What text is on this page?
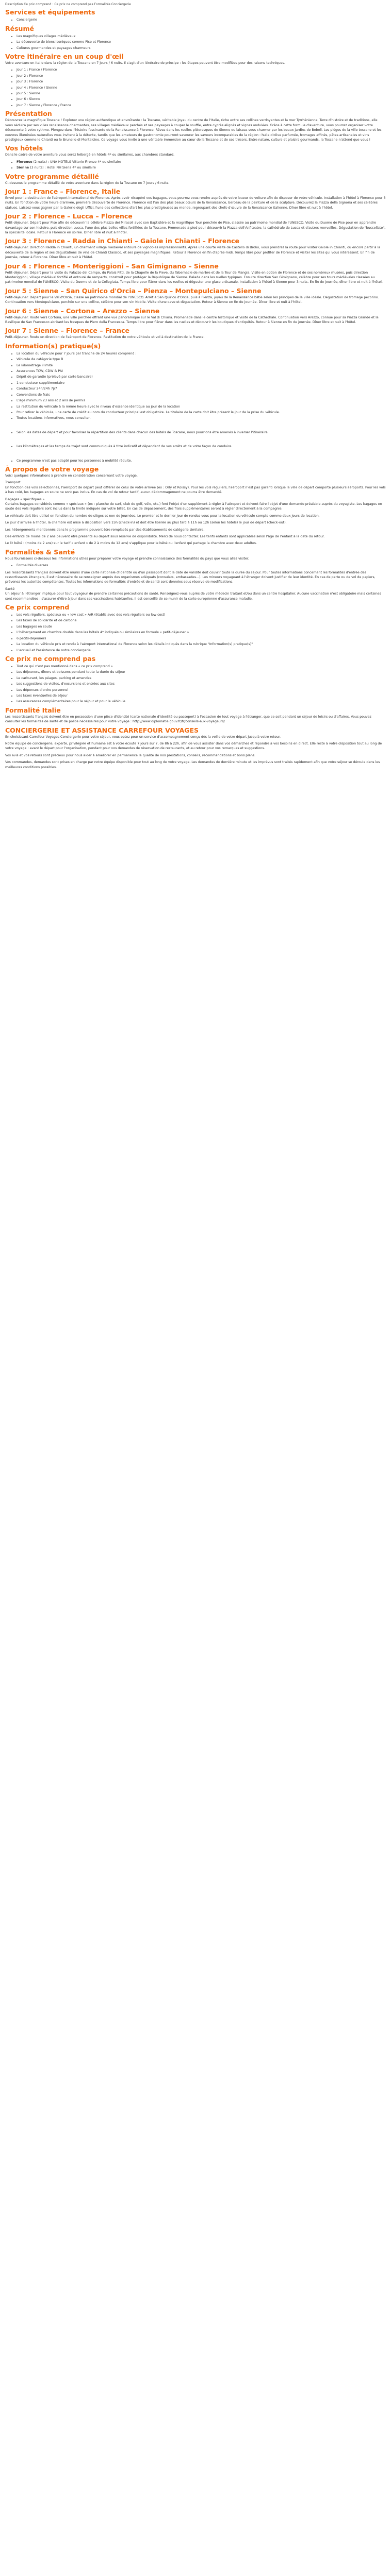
Description Ce prix comprend : Ce prix ne comprend pas Formalités Conciergerie

Services et équipements
• Conciergerie
Résumé
• Les magnifiques villages médiévaux
• La découverte de biens iconiques comme Pise et Florence
• Cultures gourmandes et paysages charmeurs
Votre itinéraire en un coup d'œil

Votre aventure en Italie dans la région de la Toscane en 7 jours / 6 nuits. Il s'agit d'un itinéraire de principe : les étapes peuvent être modifiées pour des raisons techniques.

• Jour 1 : France / Florence
• Jour 2 : Florence
• Jour 3 : Florence
• Jour 4 : Florence / Sienne
• Jour 5 : Sienne
• Jour 6 : Sienne
• Jour 7 : Sienne / Florence / France
Présentation

Découvrez la magnifique Toscane ! Explorez une région authentique et envoûtante : la Toscane, véritable joyau du centre de l'Italie, riche entre ses collines verdoyantes et la mer Tyrrhénienne. Terre d'histoire et de traditions, elle vous séduira par ses villes renaissance charmantes, ses villages médiévaux perchés et ses paysages à couper le souffle, entre cyprès alignés et vignes ondulées. Grâce à cette formule d'aventure, vous pourrez organiser votre découverte à votre rythme. Plongez dans l'histoire fascinante de la Renaissance à Florence. Rêvez dans les ruelles pittoresques de Sienne ou laissez-vous charmer par les beaux jardins de Boboli. Les pièges de la ville toscane et les oeuvres illuminées naturelles vous invitent à la détente, tandis que les amateurs de gastronomie pourront savourer les saveurs incomparables de la région : huile d'olive parfumée, fromages affinés, pâtes artisanales et vins prestigieux comme le Chianti ou le Brunello di Montalcino. Ce voyage vous invite à une véritable immersion au cœur de la Toscane et de ses trésors. Entre nature, culture et plaisirs gourmands, la Toscane n'attend que vous !

Vos hôtels

Dans le cadre de votre aventure vous serez hébergé en hôtels 4* ou similaires, aux chambres standard.

• Florence (2 nuits) : UNA HOTELS Vittorio Firenze 4* ou similaire
• Sienne (3 nuits) : Hotel NH Siena 4* ou similaire
Votre programme détaillé

Ci-dessous le programme détaillé de votre aventure dans la région de la Toscane en 7 jours / 6 nuits.

Jour 1 : France – Florence, Italie

Envol pour la destination de l'aéroport international de Florence. Après avoir récupéré vos bagages, vous pourrez vous rendre auprès de votre loueur de voiture afin de disposer de votre véhicule. Installation à l'hôtel à Florence pour 3 nuits. En fonction de votre heure d'arrivée, première découverte de Florence. Florence est l'un des plus beaux cœurs de la Renaissance, berceau de la peinture et de la sculpture. Découvrez la Piazza della Signoria et ses célèbres statues. Laissez-vous gagner par la Galerie degli Uffizi, l'une des collections d'art les plus prestigieuses au monde, regroupant des chefs-d'œuvre de la Renaissance italienne. Dîner libre et nuit à l'hôtel.

Jour 2 : Florence – Lucca – Florence

Petit-déjeuner. Départ pour Pise afin de découvrir la célèbre Piazza dei Miracoli avec son Baptistère et la magnifique Tour penchée de Pise, classée au patrimoine mondial de l'UNESCO. Visite du Duomo de Pise pour en apprendre davantage sur son histoire, puis direction Lucca, l'une des plus belles villes fortifiées de la Toscane. Promenade à pied pour découvrir la Piazza dell'Anfiteatro, la cathédrale de Lucca et d'autres merveilles. Dégustation de "buccellato", la spécialité locale. Retour à Florence en soirée. Dîner libre et nuit à l'hôtel.

Jour 3 : Florence – Radda in Chianti – Gaiole in Chianti – Florence

Petit-déjeuner. Direction Radda in Chianti, un charmant village médiéval entouré de vignobles impressionnants. Après une courte visite de Castello di Brolio, vous prendrez la route pour visiter Gaiole in Chianti, ou encore partir à la découverte de la région et ses dégustations de vins de Chianti Classico, et ses paysages magnifiques. Retour à Florence en fin d'après-midi. Temps libre pour profiter de Florence et visiter les sites qui vous intéressent. En fin de journée, retour à Florence. Dîner libre et nuit à l'hôtel.

Jour 4 : Florence – Monteriggioni – San Gimignano – Sienne

Petit-déjeuner. Départ pour la visite du Palazzo del Campo, du Palais Pitti, de la Chapelle de la Pieve, du Tabernacle de marbre et de la Tour de Mangia. Visite en option de Florence et de ses nombreux musées, puis direction Monteriggioni, village médiéval fortifié et entouré de remparts, construit pour protéger la République de Sienne. Balade dans les ruelles typiques. Ensuite direction San Gimignano, célèbre pour ses tours médiévales classées au patrimoine mondial de l'UNESCO. Visite du Duomo et de la Collegiata. Temps libre pour flâner dans les ruelles et déguster une glace artisanale. Installation à l'hôtel à Sienne pour 3 nuits. En fin de journée, dîner libre et nuit à l'hôtel.

Jour 5 : Sienne – San Quirico d'Orcia – Pienza – Montepulciano – Sienne

Petit-déjeuner. Départ pour le Val d'Orcia, classé au patrimoine mondial de l'UNESCO. Arrêt à San Quirico d'Orcia, puis à Pienza, joyau de la Renaissance bâtie selon les principes de la ville idéale. Dégustation de fromage pecorino. Continuation vers Montepulciano, perchée sur une colline, célèbre pour son vin Nobile. Visite d'une cave et dégustation. Retour à Sienne en fin de journée. Dîner libre et nuit à l'hôtel.

Jour 6 : Sienne – Cortona – Arezzo – Sienne

Petit-déjeuner. Route vers Cortona, une ville perchée offrant une vue panoramique sur le Val di Chiana. Promenade dans le centre historique et visite de la Cathédrale. Continuation vers Arezzo, connue pour sa Piazza Grande et la Basilique de San Francesco abritant les fresques de Piero della Francesca. Temps libre pour flâner dans les ruelles et découvrir les boutiques d'antiquités. Retour à Sienne en fin de journée. Dîner libre et nuit à l'hôtel.

Jour 7 : Sienne – Florence – France

Petit-déjeuner. Route en direction de l'aéroport de Florence. Restitution de votre véhicule et vol à destination de la France.

Information(s) pratique(s)
• La location du véhicule pour 7 jours par tranche de 24 heures comprend :
• Véhicule de catégorie type B
• Le kilométrage illimité
• Assurances TCW, CDW & PAI
• Dépôt de garantie (prélevé par carte bancaire)
• 1 conducteur supplémentaire
• Conducteur 24h/24h 7j/7
• Conventions de frais
• L'âge minimum 23 ans et 2 ans de permis
• La restitution du véhicule à la même heure avec le niveau d'essence identique au jour de la location
• Pour retirer le véhicule, une carte de crédit au nom du conducteur principal est obligatoire. Le titulaire de la carte doit être présent le jour de la prise du véhicule.
• Toutes locations informatives, nous consulter.
• Selon les dates de départ et pour favoriser la répartition des clients dans chacun des hôtels de Toscane, nous pourrions être amenés à inverser l'itinéraire.
• Les kilométrages et les temps de trajet sont communiqués à titre indicatif et dépendent de vos arrêts et de votre façon de conduire.
• Ce programme n'est pas adapté pour les personnes à mobilité réduite.
À propos de votre voyage

Voici quelques informations à prendre en considération concernant votre voyage.

Transport

En fonction des vols sélectionnés, l'aéroport de départ peut différer de celui de votre arrivée (ex : Orly et Roissy). Pour les vols réguliers, l'aéroport n'est pas garanti lorsque la ville de départ comporte plusieurs aéroports. Pour les vols à bas coût, les bagages en soute ne sont pas inclus. En cas de vol de retour tardif, aucun dédommagement ne pourra être demandé.

Bagages « spécifiques »

Certains bagages considérés comme « spéciaux » (ex : planche de surf, club de golf, vélo, etc.) font l'objet d'un supplément à régler à l'aéroport et doivent faire l'objet d'une demande préalable auprès du voyagiste. Les bagages en soute des vols réguliers sont inclus dans la limite indiquée sur votre billet. En cas de dépassement, des frais supplémentaires seront à régler directement à la compagnie.

Le véhicule doit être utilisé en fonction du nombre de sièges et non de journées. Le premier et le dernier jour de rendez-vous pour la location du véhicule compte comme deux jours de location.

Le jour d'arrivée à l'hôtel, la chambre est mise à disposition vers 15h (check-in) et doit être libérée au plus tard à 11h ou 12h (selon les hôtels) le jour de départ (check-out).

Les hébergements mentionnés dans le programme peuvent être remplacés par des établissements de catégorie similaire.

Des enfants de moins de 2 ans peuvent être présents au départ sous réserve de disponibilité. Merci de nous contacter. Les tarifs enfants sont applicables selon l'âge de l'enfant à la date du retour.

Le lit bébé : (moins de 2 ans) sur le tarif « enfant » de 2 à moins de 12 ans) s'applique pour le bébé ou l'enfant qui partage la chambre avec deux adultes.

Formalités & Santé

Nous fournissons ci-dessous les informations utiles pour préparer votre voyage et prendre connaissance des formalités du pays que vous allez visiter.

• Formalités diverses

Les ressortissants français doivent être munis d'une carte nationale d'identité ou d'un passeport dont la date de validité doit couvrir toute la durée du séjour. Pour toutes informations concernant les formalités d'entrée des ressortissants étrangers, il est nécessaire de se renseigner auprès des organismes adéquats (consulats, ambassades...). Les mineurs voyageant à l'étranger doivent justifier de leur identité. En cas de perte ou de vol de papiers, prévenez les autorités compétentes. Toutes les informations de formalités d'entrée et de santé sont données sous réserve de modifications.

Santé

Un séjour à l'étranger implique pour tout voyageur de prendre certaines précautions de santé. Renseignez-vous auprès de votre médecin traitant et/ou dans un centre hospitalier. Aucune vaccination n'est obligatoire mais certaines sont recommandées : s'assurer d'être à jour dans ses vaccinations habituelles. Il est conseillé de se munir de la carte européenne d'assurance maladie.

Ce prix comprend
• Les vols réguliers, spéciaux ou « low cost » A/R (établis avec des vols réguliers ou low cost)
• Les taxes de solidarité et de carbone
• Les bagages en soute
• L'hébergement en chambre double dans les hôtels 4* indiqués ou similaires en formule « petit-déjeuner »
• 6 petits-déjeuners
• La location du véhicule pris et rendu à l'aéroport international de Florence selon les détails indiqués dans la rubrique "Information(s) pratique(s)"
• L'accueil et l'assistance de notre conciergerie
Ce prix ne comprend pas
• Tout ce qui n'est pas mentionné dans « ce prix comprend »
• Les déjeuners, dîners et boissons pendant toute la durée du séjour
• Le carburant, les péages, parking et amendes
• Les suggestions de visites, d'excursions et entrées aux sites
• Les dépenses d'ordre personnel
• Les taxes éventuelles de séjour
• Les assurances complémentaires pour le séjour et pour le véhicule
Formalité Italie

Les ressortissants français doivent être en possession d'une pièce d'identité (carte nationale d'identité ou passeport) à l'occasion de tout voyage à l'étranger, que ce soit pendant un séjour de loisirs ou d'affaires. Vous pouvez consulter les formalités de santé et de police nécessaires pour votre voyage : http://www.diplomatie.gouv.fr/fr/conseils-aux-voyageurs/

CONCIERGERIE ET ASSISTANCE CARREFOUR VOYAGES

En choisissant Carrefour Voyages Conciergerie pour votre séjour, vous optez pour un service d'accompagnement conçu dès la veille de votre départ jusqu'à votre retour.

Notre équipe de conciergerie, experte, privilégiée et humaine est à votre écoute 7 jours sur 7, de 8h à 22h, afin de vous assister dans vos démarches et répondre à vos besoins en direct. Elle reste à votre disposition tout au long de votre voyage : avant le départ pour l'organisation, pendant pour vos demandes de réservation de restaurants, et au retour pour vos remarques et suggestions.

Vos avis et vos retours sont précieux pour nous aider à améliorer en permanence la qualité de nos prestations, conseils, recommandations et bons plans.

Vos commandes, demandes sont prises en charge par notre équipe disponible pour tout au long de votre voyage. Les demandes de dernière minute et les imprévus sont traités rapidement afin que votre séjour se déroule dans les meilleures conditions possibles.
